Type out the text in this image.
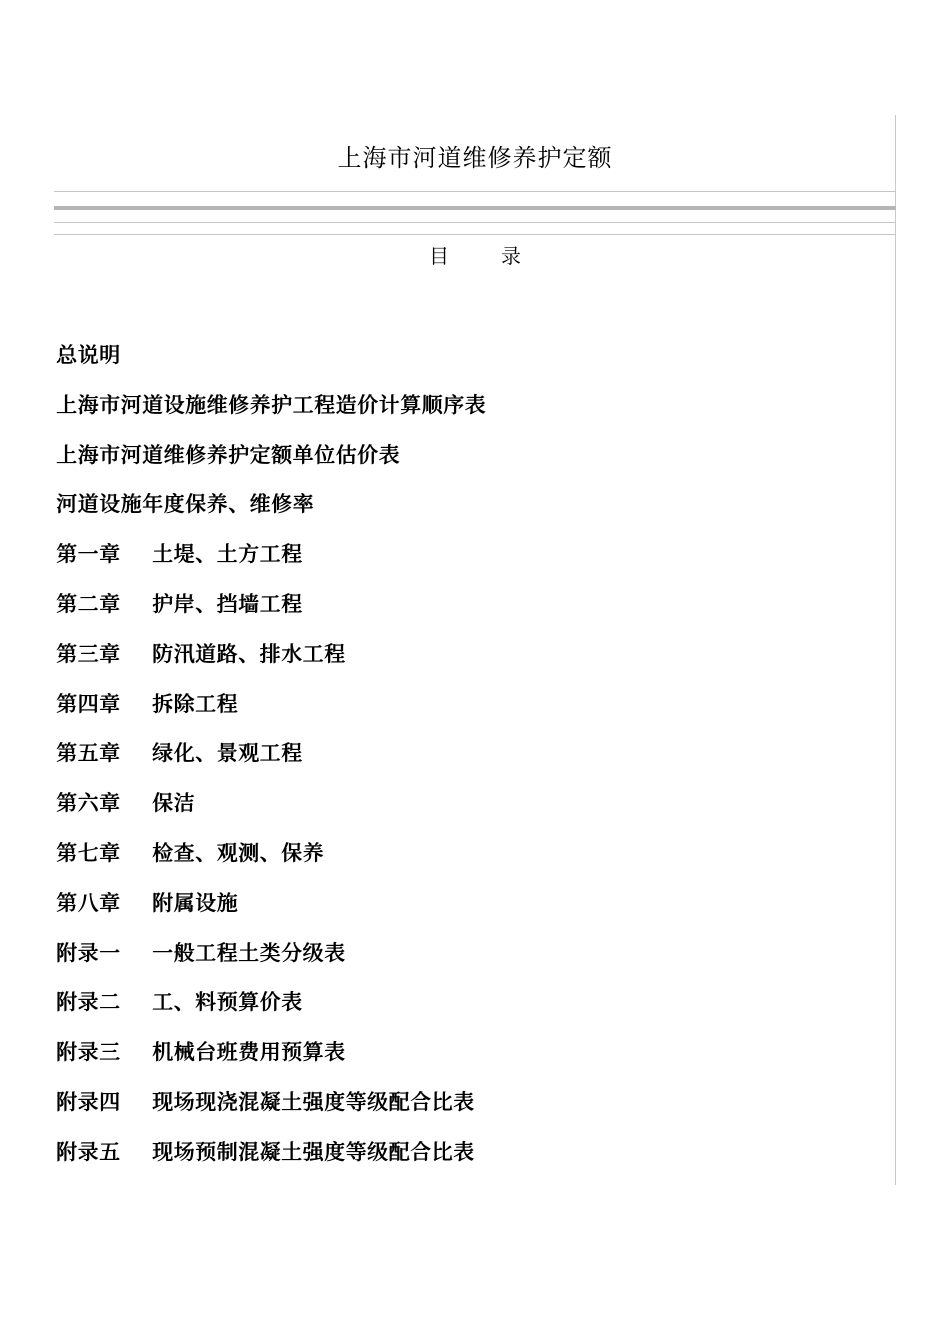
上海市河道维修养护定额
目	录
总说明
上海市河道设施维修养护工程造价计算顺序表
上海市河道维修养护定额单位估价表
河道设施年度保养、维修率
第一章 土堤、土方工程
第二章 护岸、挡墙工程
第三章 防汛道路、排水工程
第四章 拆除工程
第五章 绿化、景观工程
第六章 保洁
第七章 检查、观测、保养
第八章 附属设施
附录一 一般工程土类分级表
附录二 工、料预算价表
附录三 机械台班费用预算表
附录四 现场现浇混凝土强度等级配合比表
附录五 现场预制混凝土强度等级配合比表
